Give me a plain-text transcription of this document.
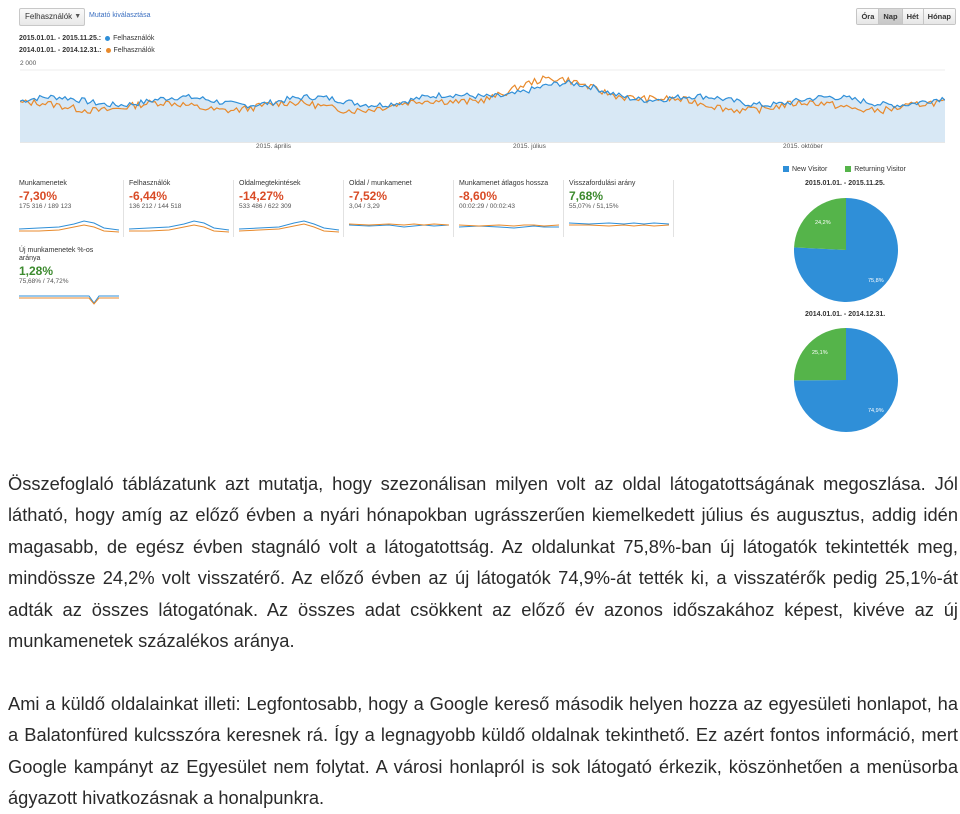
Felhasználók ▼ Mutató kiválasztása	Óra	Nap	Hét	Hónap
2015.01.01. - 2015.11.25.: Felhasználók
2014.01.01. - 2014.12.31.: Felhasználók
2 000
2015. április	2015. július	2015. október
Munkamenetek
-7,30%
175 316 / 189 123
Felhasználók
-6,44%
136 212 / 144 518
Oldalmegtekintések
-14,27%
533 486 / 622 309
Oldal / munkamenet
-7,52%
3,04 / 3,29
Munkamenet átlagos hossza
-8,60%
00:02:29 / 00:02:43
Visszafordulási arány
7,68%
55,07% / 51,15%
Új munkamenetek %-os aránya
1,28%
75,68% / 74,72%
New Visitor	Returning Visitor
2015.01.01. - 2015.11.25.
24,2%
75,8%
2014.01.01. - 2014.12.31.
25,1%
74,9%
Összefoglaló táblázatunk azt mutatja, hogy szezonálisan milyen volt az oldal látogatottságának megoszlása. Jól látható, hogy amíg az előző évben a nyári hónapokban ugrásszerűen kiemelkedett július és augusztus, addig idén magasabb, de egész évben stagnáló volt a látogatottság. Az oldalunkat 75,8%-ban új látogatók tekintették meg, mindössze 24,2% volt visszatérő. Az előző évben az új látogatók 74,9%-át tették ki, a visszatérők pedig 25,1%-át adták az összes látogatónak. Az összes adat csökkent az előző év azonos időszakához képest, kivéve az új munkamenetek százalékos aránya.
Ami a küldő oldalainkat illeti: Legfontosabb, hogy a Google kereső második helyen hozza az egyesületi honlapot, ha a Balatonfüred kulcsszóra keresnek rá. Így a legnagyobb küldő oldalnak tekinthető. Ez azért fontos információ, mert Google kampányt az Egyesület nem folytat. A városi honlapról is sok látogató érkezik, köszönhetően a menüsorba ágyazott hivatkozásnak a honalpunkra.
